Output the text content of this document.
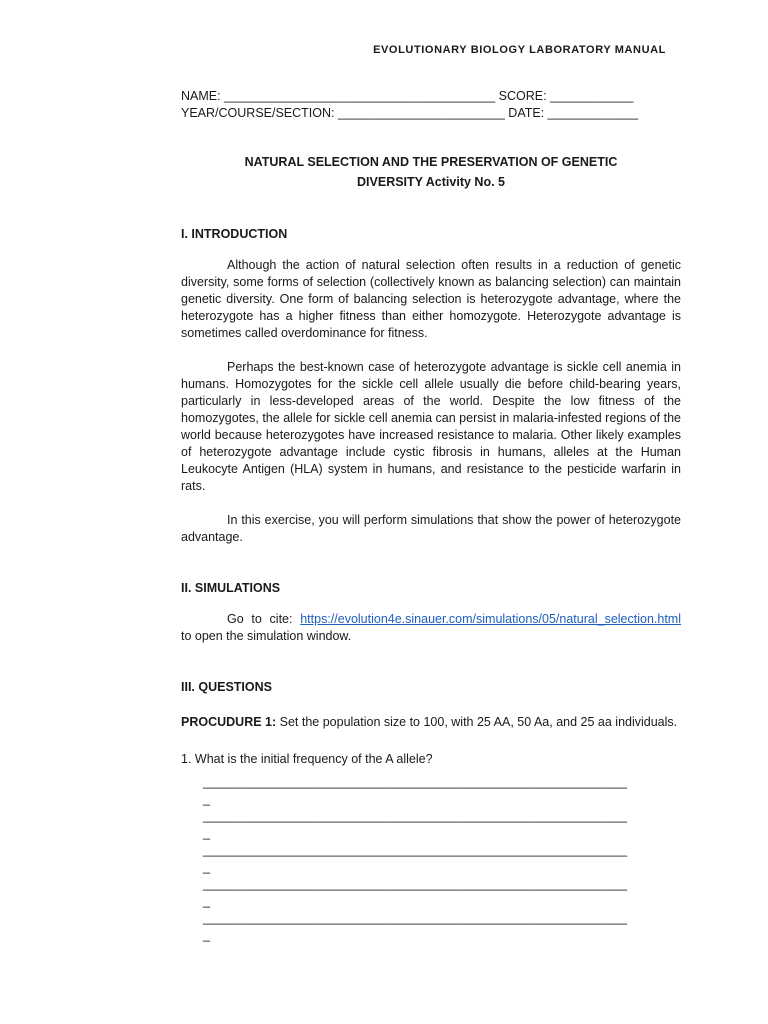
EVOLUTIONARY BIOLOGY LABORATORY MANUAL
NAME: _______________________________________ SCORE: ____________
YEAR/COURSE/SECTION: ________________________ DATE: _____________
NATURAL SELECTION AND THE PRESERVATION OF GENETIC
DIVERSITY Activity No. 5
I. INTRODUCTION

Although the action of natural selection often results in a reduction of genetic diversity, some forms of selection (collectively known as balancing selection) can maintain genetic diversity. One form of balancing selection is heterozygote advantage, where the heterozygote has a higher fitness than either homozygote. Heterozygote advantage is sometimes called overdominance for fitness.

Perhaps the best-known case of heterozygote advantage is sickle cell anemia in humans. Homozygotes for the sickle cell allele usually die before child-bearing years, particularly in less-developed areas of the world. Despite the low fitness of the homozygotes, the allele for sickle cell anemia can persist in malaria-infested regions of the world because heterozygotes have increased resistance to malaria. Other likely examples of heterozygote advantage include cystic fibrosis in humans, alleles at the Human Leukocyte Antigen (HLA) system in humans, and resistance to the pesticide warfarin in rats.

In this exercise, you will perform simulations that show the power of heterozygote advantage.

II. SIMULATIONS

Go to cite: https://evolution4e.sinauer.com/simulations/05/natural_selection.html to open the simulation window.

III. QUESTIONS
PROCUDURE 1: Set the population size to 100, with 25 AA, 50 Aa, and 25 aa individuals.
1. What is the initial frequency of the A allele?
_____________________________________________________________
_
_____________________________________________________________
_
_____________________________________________________________
_
_____________________________________________________________
_
_____________________________________________________________
_
